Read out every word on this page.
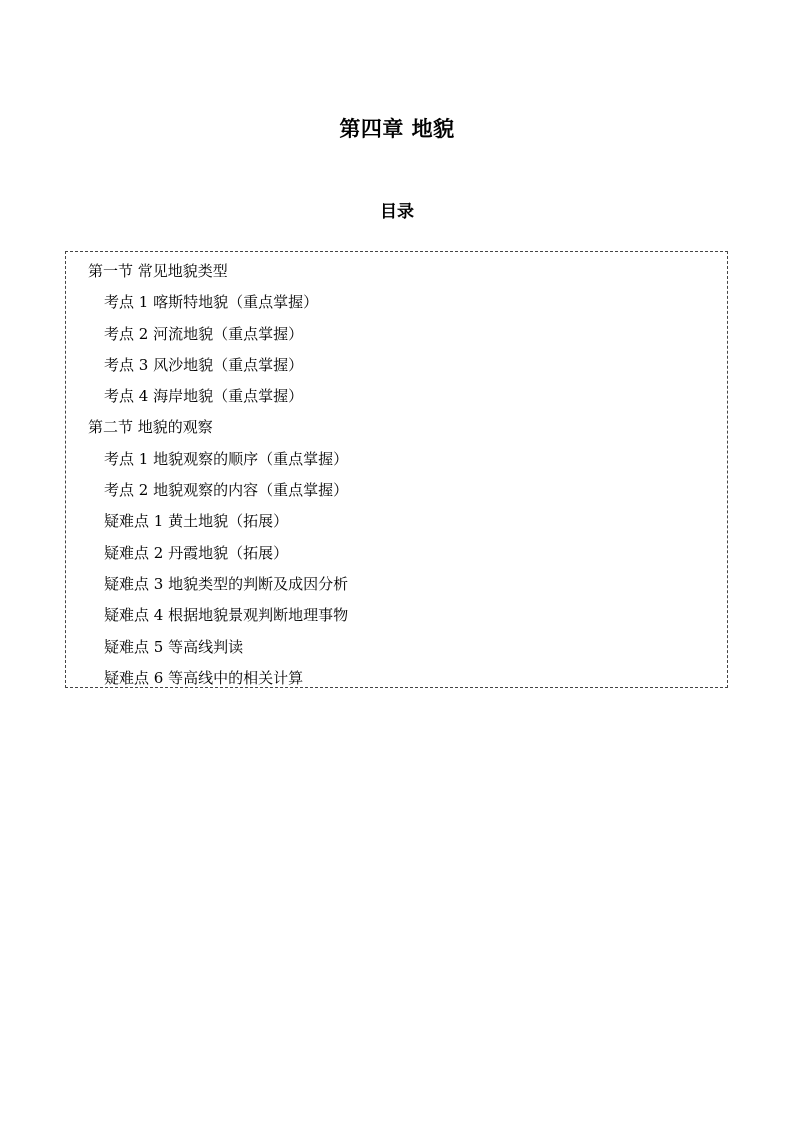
第四章 地貌
目录
第一节 常见地貌类型
考点 1 喀斯特地貌（重点掌握）
考点 2 河流地貌（重点掌握）
考点 3 风沙地貌（重点掌握）
考点 4 海岸地貌（重点掌握）
第二节 地貌的观察
考点 1 地貌观察的顺序（重点掌握）
考点 2 地貌观察的内容（重点掌握）
疑难点 1 黄土地貌（拓展）
疑难点 2 丹霞地貌（拓展）
疑难点 3 地貌类型的判断及成因分析
疑难点 4 根据地貌景观判断地理事物
疑难点 5 等高线判读
疑难点 6 等高线中的相关计算
